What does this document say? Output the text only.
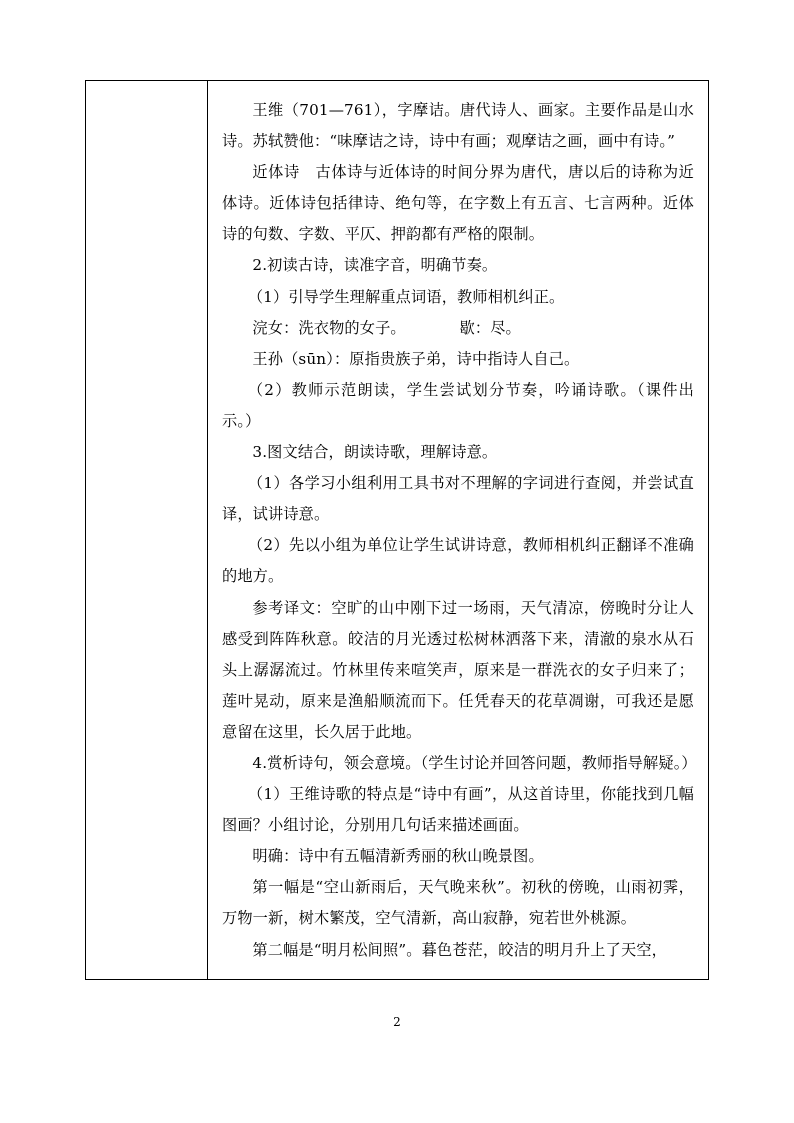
王维（701—761），字摩诘。唐代诗人、画家。主要作品是山水诗。苏轼赞他：“味摩诘之诗，诗中有画；观摩诘之画，画中有诗。”

近体诗　古体诗与近体诗的时间分界为唐代，唐以后的诗称为近体诗。近体诗包括律诗、绝句等，在字数上有五言、七言两种。近体诗的句数、字数、平仄、押韵都有严格的限制。

2.初读古诗，读准字音，明确节奏。

（1）引导学生理解重点词语，教师相机纠正。

浣女：洗衣物的女子。　　　　歇：尽。

王孙（sūn）：原指贵族子弟，诗中指诗人自己。

（2）教师示范朗读，学生尝试划分节奏，吟诵诗歌。（课件出示。）

3.图文结合，朗读诗歌，理解诗意。

（1）各学习小组利用工具书对不理解的字词进行查阅，并尝试直译，试讲诗意。

（2）先以小组为单位让学生试讲诗意，教师相机纠正翻译不准确的地方。

参考译文：空旷的山中刚下过一场雨，天气清凉，傍晚时分让人感受到阵阵秋意。皎洁的月光透过松树林洒落下来，清澈的泉水从石头上潺潺流过。竹林里传来喧笑声，原来是一群洗衣的女子归来了；莲叶晃动，原来是渔船顺流而下。任凭春天的花草凋谢，可我还是愿意留在这里，长久居于此地。

4.赏析诗句，领会意境。（学生讨论并回答问题，教师指导解疑。）

（1）王维诗歌的特点是“诗中有画”，从这首诗里，你能找到几幅图画？小组讨论，分别用几句话来描述画面。

明确：诗中有五幅清新秀丽的秋山晚景图。

第一幅是“空山新雨后，天气晚来秋”。初秋的傍晚，山雨初霁，万物一新，树木繁茂，空气清新，高山寂静，宛若世外桃源。

第二幅是“明月松间照”。暮色苍茫，皎洁的明月升上了天空，

2
